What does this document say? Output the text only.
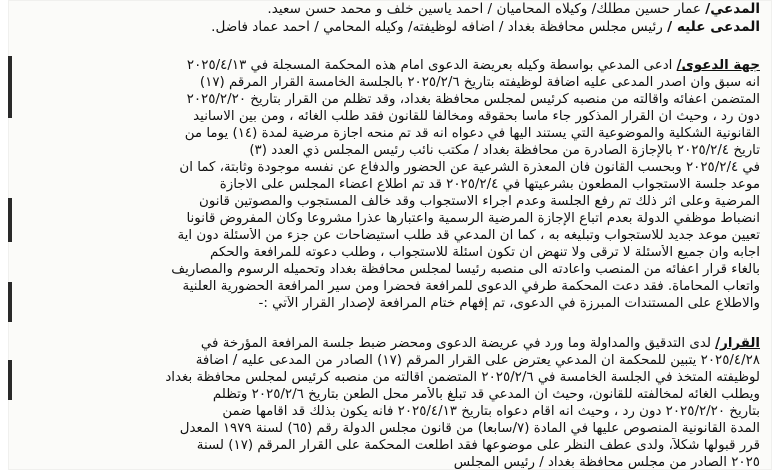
المدعي/ عمار حسين مطلك/ وكيلاه المحاميان / احمد ياسين خلف و محمد حسن سعيد.
المدعى عليه / رئيس مجلس محافظة بغداد / اضافه لوظيفته/ وكيله المحامي / احمد عماد فاضل.
جهة الدعوى/ ادعى المدعي بواسطة وكيله بعريضة الدعوى امام هذه المحكمة المسجلة في ٢٠٢٥/٤/١٣
انه سبق وان اصدر المدعى عليه اضافة لوظيفته بتاريخ ٢٠٢٥/٢/٦ بالجلسة الخامسة القرار المرقم (١٧)
المتضمن اعفائه واقالته من منصبه كرئيس لمجلس محافظة بغداد، وقد تظلم من القرار بتاريخ ٢٠٢٥/٢/٢٠
دون رد ، وحيث ان القرار المذكور جاء ماسا بحقوقه ومخالفا للقانون فقد طلب الغائه ، ومن بين الاسانيد
القانونية الشكلية والموضوعية التي يستند اليها في دعواه انه قد تم منحه اجازة مرضية لمدة (١٤) يوما من
تاريخ ٢٠٢٥/٢/٤ بالإجازة الصادرة من محافظة بغداد / مكتب نائب رئيس المجلس ذي العدد (٣)
في ٢٠٢٥/٢/٤ وبحسب القانون فان المعذرة الشرعية عن الحضور والدفاع عن نفسه موجودة وثابتة، كما ان
موعد جلسة الاستجواب المطعون بشرعيتها في ٢٠٢٥/٢/٤ قد تم اطلاع اعضاء المجلس على الاجازة
المرضية وعلى اثر ذلك تم رفع الجلسة وعدم اجراء الاستجواب وقد خالف المستجوب والمصوتين قانون
انضباط موظفي الدولة بعدم اتباع الإجازة المرضية الرسمية واعتبارها عذرا مشروعا وكان المفروض قانونا
تعيين موعد جديد للاستجواب وتبليغه به ، كما ان المدعي قد طلب استيضاحات عن جزء من الأسئلة دون اية
اجابه وان جميع الأسئلة لا ترقى ولا تنهض ان تكون اسئلة للاستجواب ، وطلب دعوته للمرافعة والحكم
بالغاء قرار اعفائه من المنصب واعادته الى منصبه رئيسا لمجلس محافظة بغداد وتحميله الرسوم والمصاريف
واتعاب المحاماة. فقد دعت المحكمة طرفي الدعوى للمرافعة فحضرا ومن سير المرافعة الحضورية العلنية
والاطلاع على المستندات المبرزة في الدعوى، تم إفهام ختام المرافعة لإصدار القرار الآتي :-
القرار/ لدى التدقيق والمداولة وما ورد في عريضة الدعوى ومحضر ضبط جلسة المرافعة المؤرخة في
٢٠٢٥/٤/٢٨ يتبين للمحكمة ان المدعي يعترض على القرار المرقم (١٧) الصادر من المدعى عليه / اضافة
لوظيفته المتخذ في الجلسة الخامسة في ٢٠٢٥/٢/٦ المتضمن اقالته من منصبه كرئيس لمجلس محافظة بغداد
ويطلب الغائه لمخالفته للقانون، وحيث ان المدعي قد تبلغ بالأمر محل الطعن بتاريخ ٢٠٢٥/٢/٦ وتظلم
بتاريخ ٢٠٢٥/٢/٢٠ دون رد ، وحيث انه اقام دعواه بتاريخ ٢٠٢٥/٤/١٣ فانه يكون بذلك قد اقامها ضمن
المدة القانونية المنصوص عليها في المادة (٧/سابعا) من قانون مجلس الدولة رقم (٦٥) لسنة ١٩٧٩ المعدل
قرر قبولها شكلاً، ولدى عطف النظر على موضوعها فقد اطلعت المحكمة على القرار المرقم (١٧) لسنة
٢٠٢٥ الصادر من مجلس محافظة بغداد / رئيس المجلس
